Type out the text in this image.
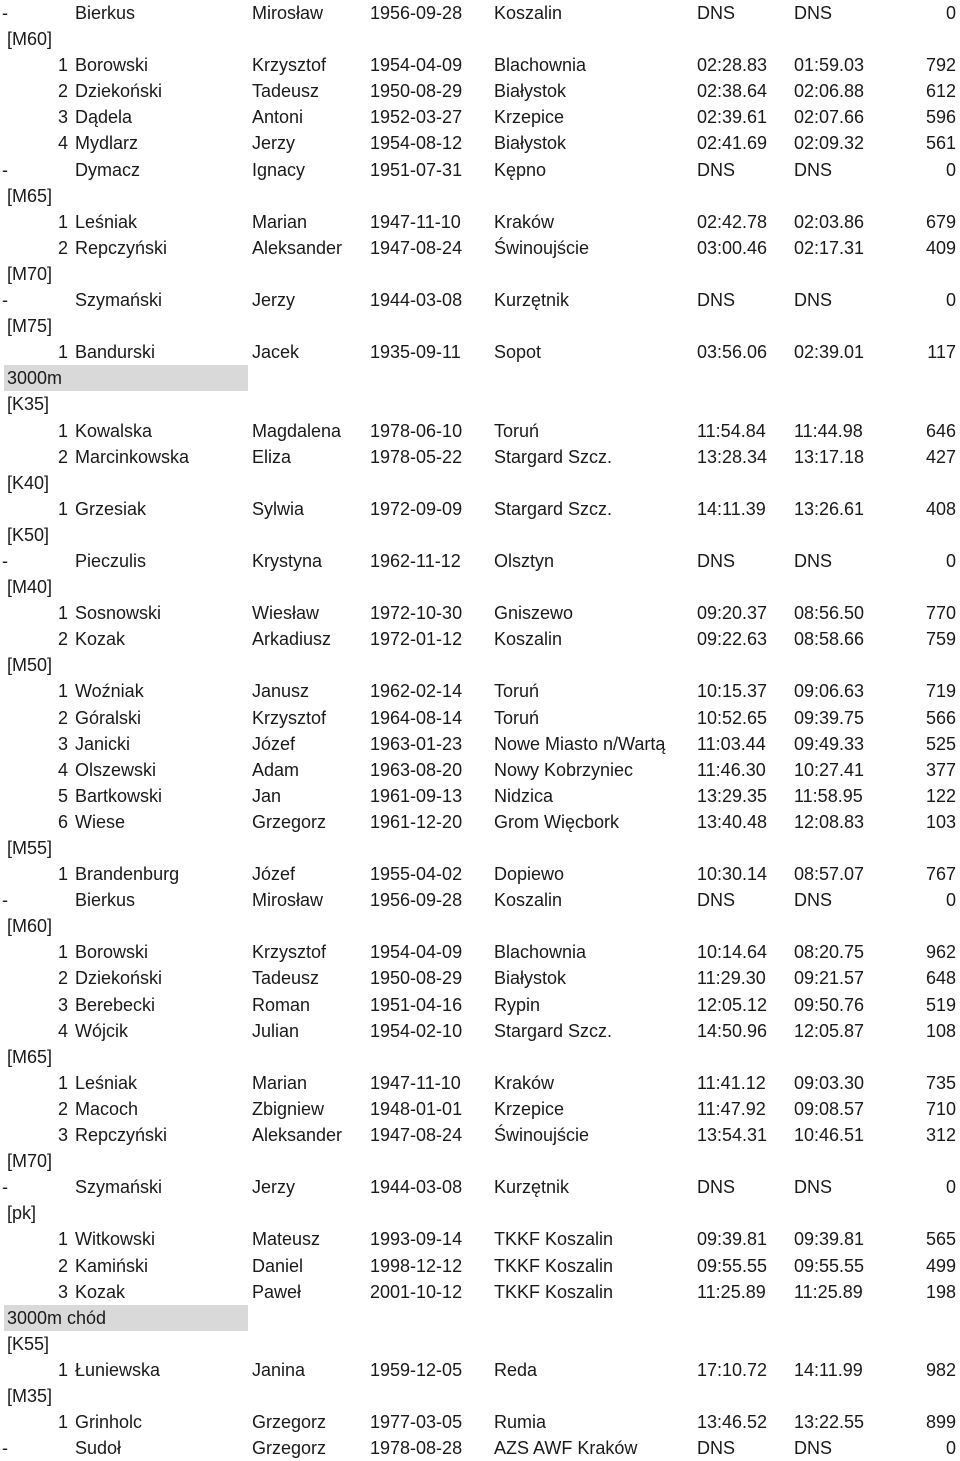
-	Bierkus	Mirosław	1956-09-28 Koszalin	DNS	DNS	0
[M60]
1 Borowski	Krzysztof 1954-04-09 Blachownia	02:28.83 01:59.03	792
2 Dziekoński	Tadeusz	1950-08-29 Białystok	02:38.64 02:06.88	612
3 Dądela	Antoni	1952-03-27 Krzepice	02:39.61 02:07.66	596
4 Mydlarz	Jerzy	1954-08-12 Białystok	02:41.69 02:09.32	561
-	Dymacz	Ignacy	1951-07-31 Kępno	DNS	DNS	0
[M65]
1 Leśniak	Marian	1947-11-10 Kraków	02:42.78 02:03.86	679
2 Repczyński	Aleksander 1947-08-24 Świnoujście	03:00.46 02:17.31	409
[M70]
-	Szymański	Jerzy	1944-03-08 Kurzętnik	DNS	DNS	0
[M75]
1 Bandurski	Jacek	1935-09-11 Sopot	03:56.06 02:39.01	117
3000m
[K35]
1 Kowalska	Magdalena 1978-06-10 Toruń	11:54.84 11:44.98	646
2 Marcinkowska	Eliza	1978-05-22 Stargard Szcz.	13:28.34 13:17.18	427
[K40]
1 Grzesiak	Sylwia	1972-09-09 Stargard Szcz.	14:11.39 13:26.61	408
[K50]
-	Pieczulis	Krystyna	1962-11-12 Olsztyn	DNS	DNS	0
[M40]
1 Sosnowski	Wiesław	1972-10-30 Gniszewo	09:20.37 08:56.50	770
2 Kozak	Arkadiusz 1972-01-12 Koszalin	09:22.63 08:58.66	759
[M50]
1 Woźniak	Janusz	1962-02-14 Toruń	10:15.37 09:06.63	719
2 Góralski	Krzysztof 1964-08-14 Toruń	10:52.65 09:39.75	566
3 Janicki	Józef	1963-01-23 Nowe Miasto n/Wartą 11:03.44 09:49.33	525
4 Olszewski	Adam	1963-08-20 Nowy Kobrzyniec	11:46.30 10:27.41	377
5 Bartkowski	Jan	1961-09-13 Nidzica	13:29.35 11:58.95	122
6 Wiese	Grzegorz 1961-12-20 Grom Więcbork	13:40.48 12:08.83	103
[M55]
1 Brandenburg	Józef	1955-04-02 Dopiewo	10:30.14 08:57.07	767
-	Bierkus	Mirosław	1956-09-28 Koszalin	DNS	DNS	0
[M60]
1 Borowski	Krzysztof 1954-04-09 Blachownia	10:14.64 08:20.75	962
2 Dziekoński	Tadeusz	1950-08-29 Białystok	11:29.30 09:21.57	648
3 Berebecki	Roman	1951-04-16 Rypin	12:05.12 09:50.76	519
4 Wójcik	Julian	1954-02-10 Stargard Szcz.	14:50.96 12:05.87	108
[M65]
1 Leśniak	Marian	1947-11-10 Kraków	11:41.12 09:03.30	735
2 Macoch	Zbigniew	1948-01-01 Krzepice	11:47.92 09:08.57	710
3 Repczyński	Aleksander 1947-08-24 Świnoujście	13:54.31 10:46.51	312
[M70]
-	Szymański	Jerzy	1944-03-08 Kurzętnik	DNS	DNS	0
[pk]
1 Witkowski	Mateusz	1993-09-14 TKKF Koszalin	09:39.81 09:39.81	565
2 Kamiński	Daniel	1998-12-12 TKKF Koszalin	09:55.55 09:55.55	499
3 Kozak	Paweł	2001-10-12 TKKF Koszalin	11:25.89 11:25.89	198
3000m chód
[K55]
1 Łuniewska	Janina	1959-12-05 Reda	17:10.72 14:11.99	982
[M35]
1 Grinholc	Grzegorz 1977-03-05 Rumia	13:46.52 13:22.55	899
-	Sudoł	Grzegorz 1978-08-28 AZS AWF Kraków	DNS	DNS	0
